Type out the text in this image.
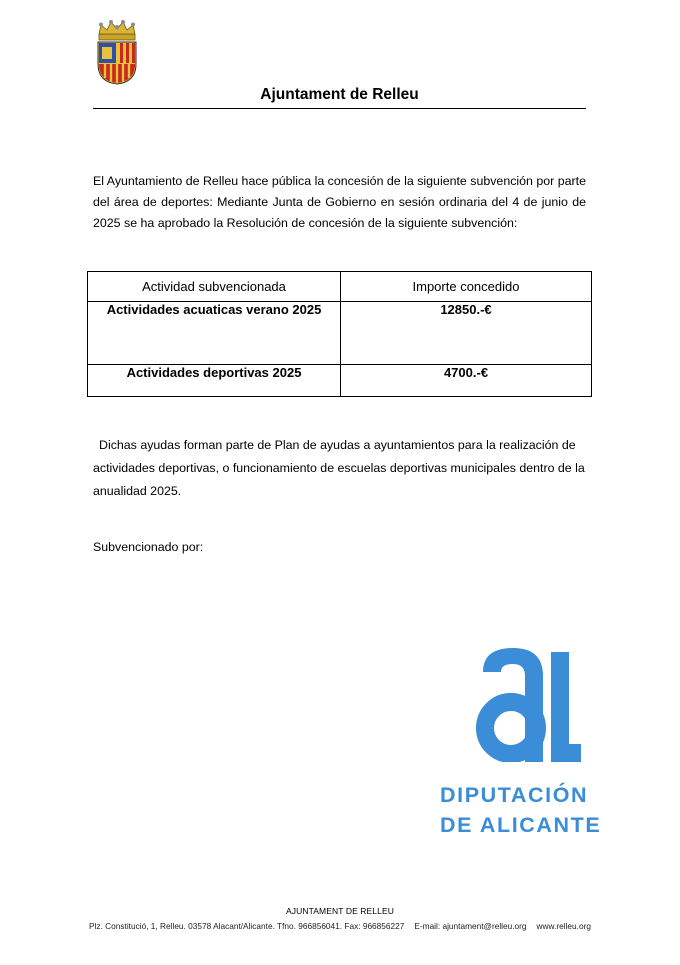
Ajuntament de Relleu
El Ayuntamiento de Relleu hace pública la concesión de la siguiente subvención por parte del área de deportes: Mediante Junta de Gobierno en sesión ordinaria del 4 de junio de 2025 se ha aprobado la Resolución de concesión de la siguiente subvención:
Actividad subvencionada	Importe concedido
Actividades acuaticas verano 2025	12850.-€
Actividades deportivas 2025	4700.-€
Dichas ayudas forman parte de Plan de ayudas a ayuntamientos para la realización de actividades deportivas, o funcionamiento de escuelas deportivas municipales dentro de la anualidad 2025.
Subvencionado por:
DIPUTACIÓN
DE ALICANTE
AJUNTAMENT DE RELLEU
Plz. Constitució, 1, Relleu. 03578 Alacant/Alicante. Tfno. 966856041. Fax: 966856227 E-mail: ajuntament@relleu.org www.relleu.org
